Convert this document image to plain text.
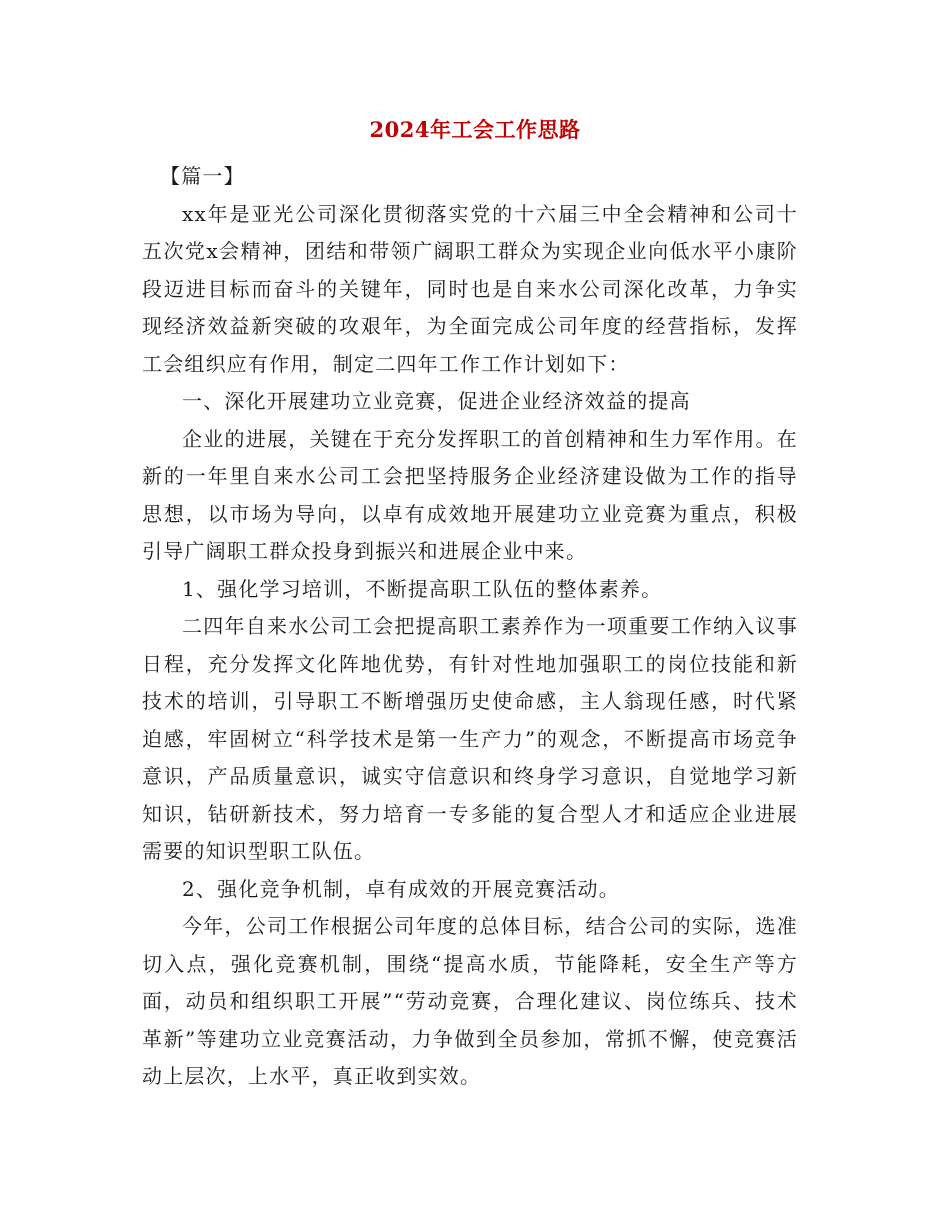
2024年工会工作思路

【篇一】

xx年是亚光公司深化贯彻落实党的十六届三中全会精神和公司十五次党x会精神，团结和带领广阔职工群众为实现企业向低水平小康阶段迈进目标而奋斗的关键年，同时也是自来水公司深化改革，力争实现经济效益新突破的攻艰年，为全面完成公司年度的经营指标，发挥工会组织应有作用，制定二四年工作工作计划如下：

一、深化开展建功立业竞赛，促进企业经济效益的提高

企业的进展，关键在于充分发挥职工的首创精神和生力军作用。在新的一年里自来水公司工会把坚持服务企业经济建设做为工作的指导思想，以市场为导向，以卓有成效地开展建功立业竞赛为重点，积极引导广阔职工群众投身到振兴和进展企业中来。

1、强化学习培训，不断提高职工队伍的整体素养。

二四年自来水公司工会把提高职工素养作为一项重要工作纳入议事日程，充分发挥文化阵地优势，有针对性地加强职工的岗位技能和新技术的培训，引导职工不断增强历史使命感，主人翁现任感，时代紧迫感，牢固树立“科学技术是第一生产力”的观念，不断提高市场竞争意识，产品质量意识，诚实守信意识和终身学习意识，自觉地学习新知识，钻研新技术，努力培育一专多能的复合型人才和适应企业进展需要的知识型职工队伍。

2、强化竞争机制，卓有成效的开展竞赛活动。

今年，公司工作根据公司年度的总体目标，结合公司的实际，选准切入点，强化竞赛机制，围绕“提高水质，节能降耗，安全生产等方面，动员和组织职工开展”“劳动竞赛，合理化建议、岗位练兵、技术革新”等建功立业竞赛活动，力争做到全员参加，常抓不懈，使竞赛活动上层次，上水平，真正收到实效。
